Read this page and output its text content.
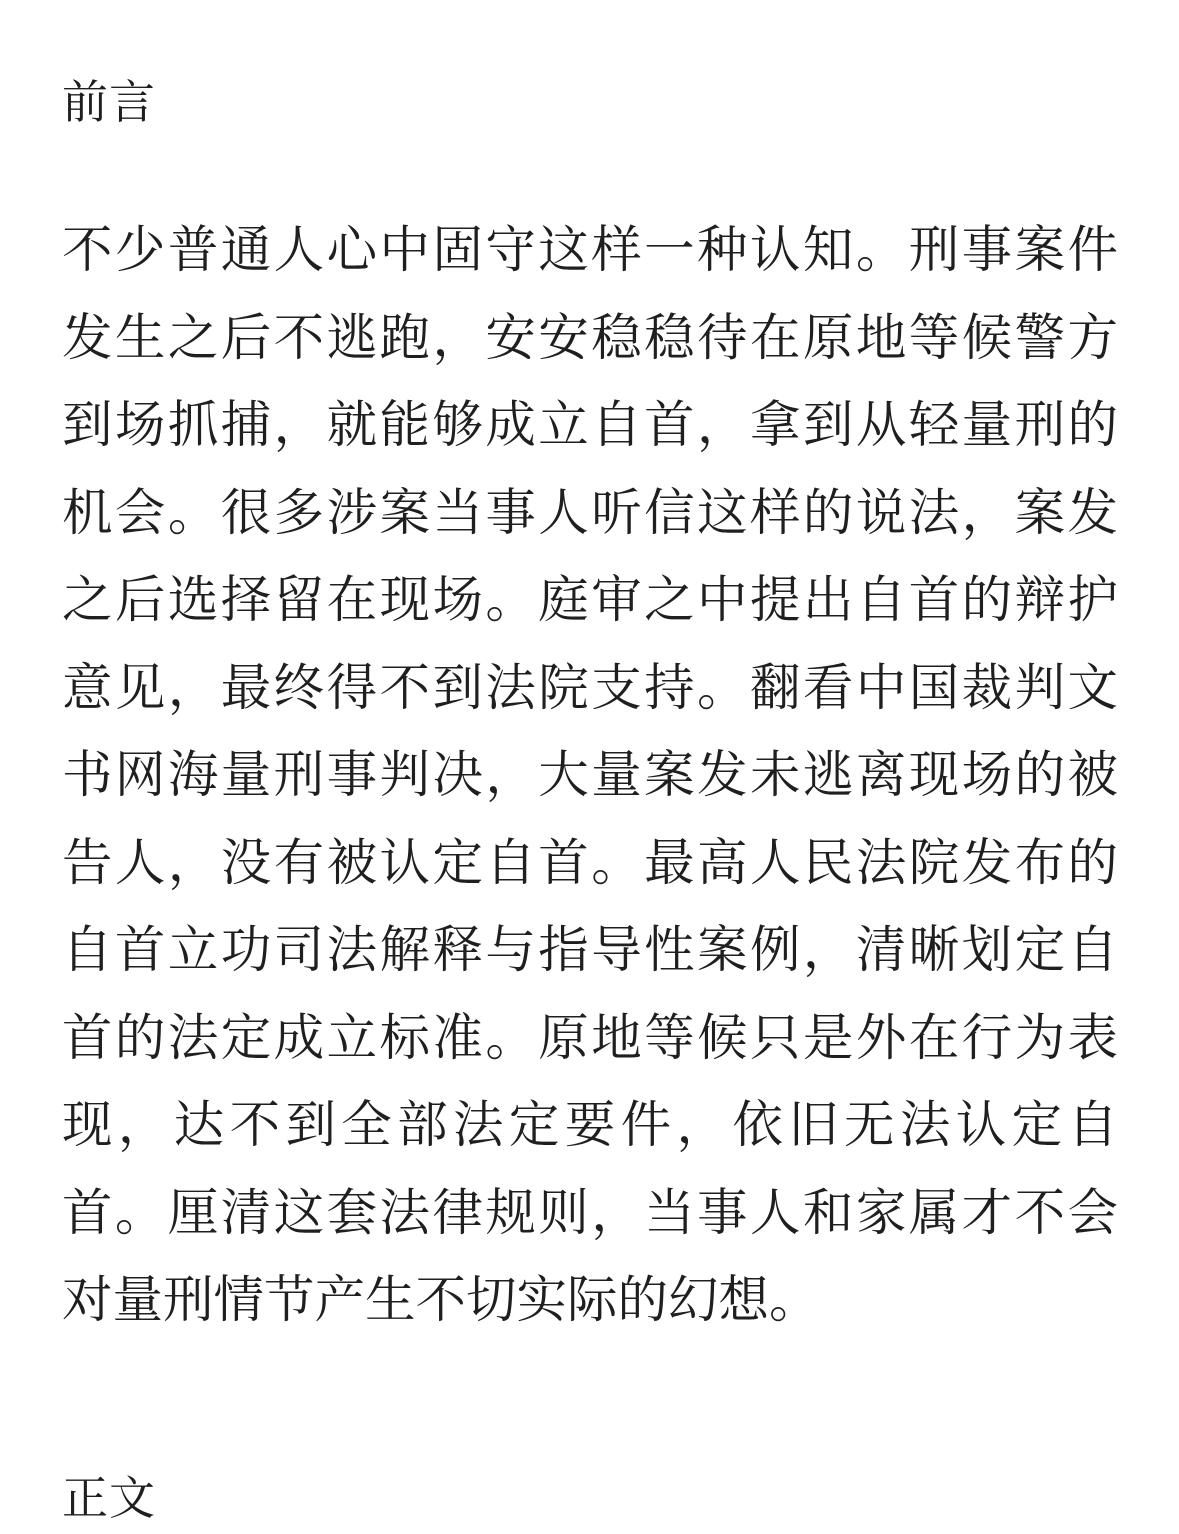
前言
不少普通人心中固守这样一种认知。刑事案件
发生之后不逃跑，安安稳稳待在原地等候警方
到场抓捕，就能够成立自首，拿到从轻量刑的
机会。很多涉案当事人听信这样的说法，案发
之后选择留在现场。庭审之中提出自首的辩护
意见，最终得不到法院支持。翻看中国裁判文
书网海量刑事判决，大量案发未逃离现场的被
告人，没有被认定自首。最高人民法院发布的
自首立功司法解释与指导性案例，清晰划定自
首的法定成立标准。原地等候只是外在行为表
现，达不到全部法定要件，依旧无法认定自
首。厘清这套法律规则，当事人和家属才不会
对量刑情节产生不切实际的幻想。
正文
